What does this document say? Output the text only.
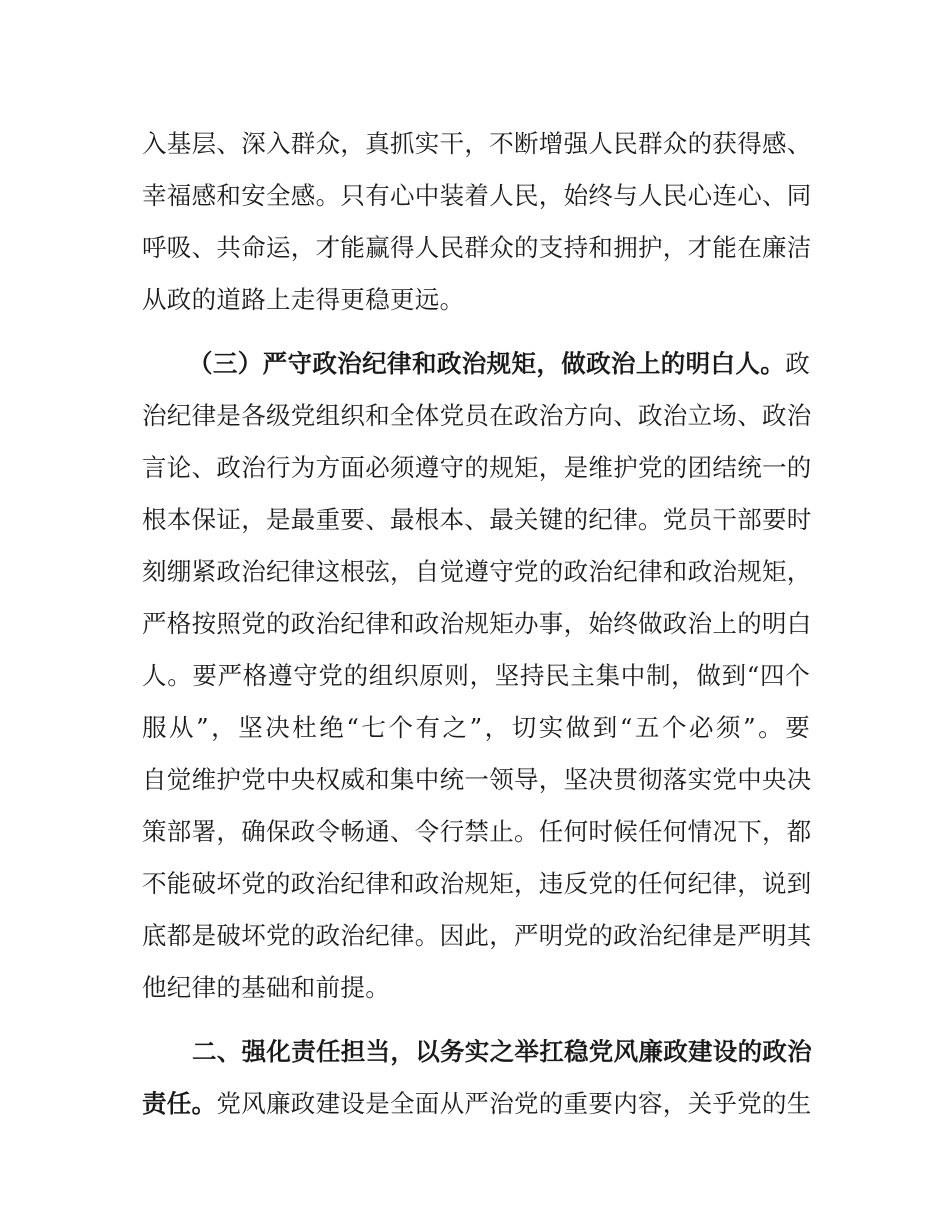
入基层、深入群众，真抓实干，不断增强人民群众的获得感、
幸福感和安全感。只有心中装着人民，始终与人民心连心、同
呼吸、共命运，才能赢得人民群众的支持和拥护，才能在廉洁
从政的道路上走得更稳更远。
（三）严守政治纪律和政治规矩，做政治上的明白人。政
治纪律是各级党组织和全体党员在政治方向、政治立场、政治
言论、政治行为方面必须遵守的规矩，是维护党的团结统一的
根本保证，是最重要、最根本、最关键的纪律。党员干部要时
刻绷紧政治纪律这根弦，自觉遵守党的政治纪律和政治规矩，
严格按照党的政治纪律和政治规矩办事，始终做政治上的明白
人。要严格遵守党的组织原则，坚持民主集中制，做到“四个
服从”，坚决杜绝“七个有之”，切实做到“五个必须”。要
自觉维护党中央权威和集中统一领导，坚决贯彻落实党中央决
策部署，确保政令畅通、令行禁止。任何时候任何情况下，都
不能破坏党的政治纪律和政治规矩，违反党的任何纪律，说到
底都是破坏党的政治纪律。因此，严明党的政治纪律是严明其
他纪律的基础和前提。
二、强化责任担当，以务实之举扛稳党风廉政建设的政治
责任。党风廉政建设是全面从严治党的重要内容，关乎党的生
